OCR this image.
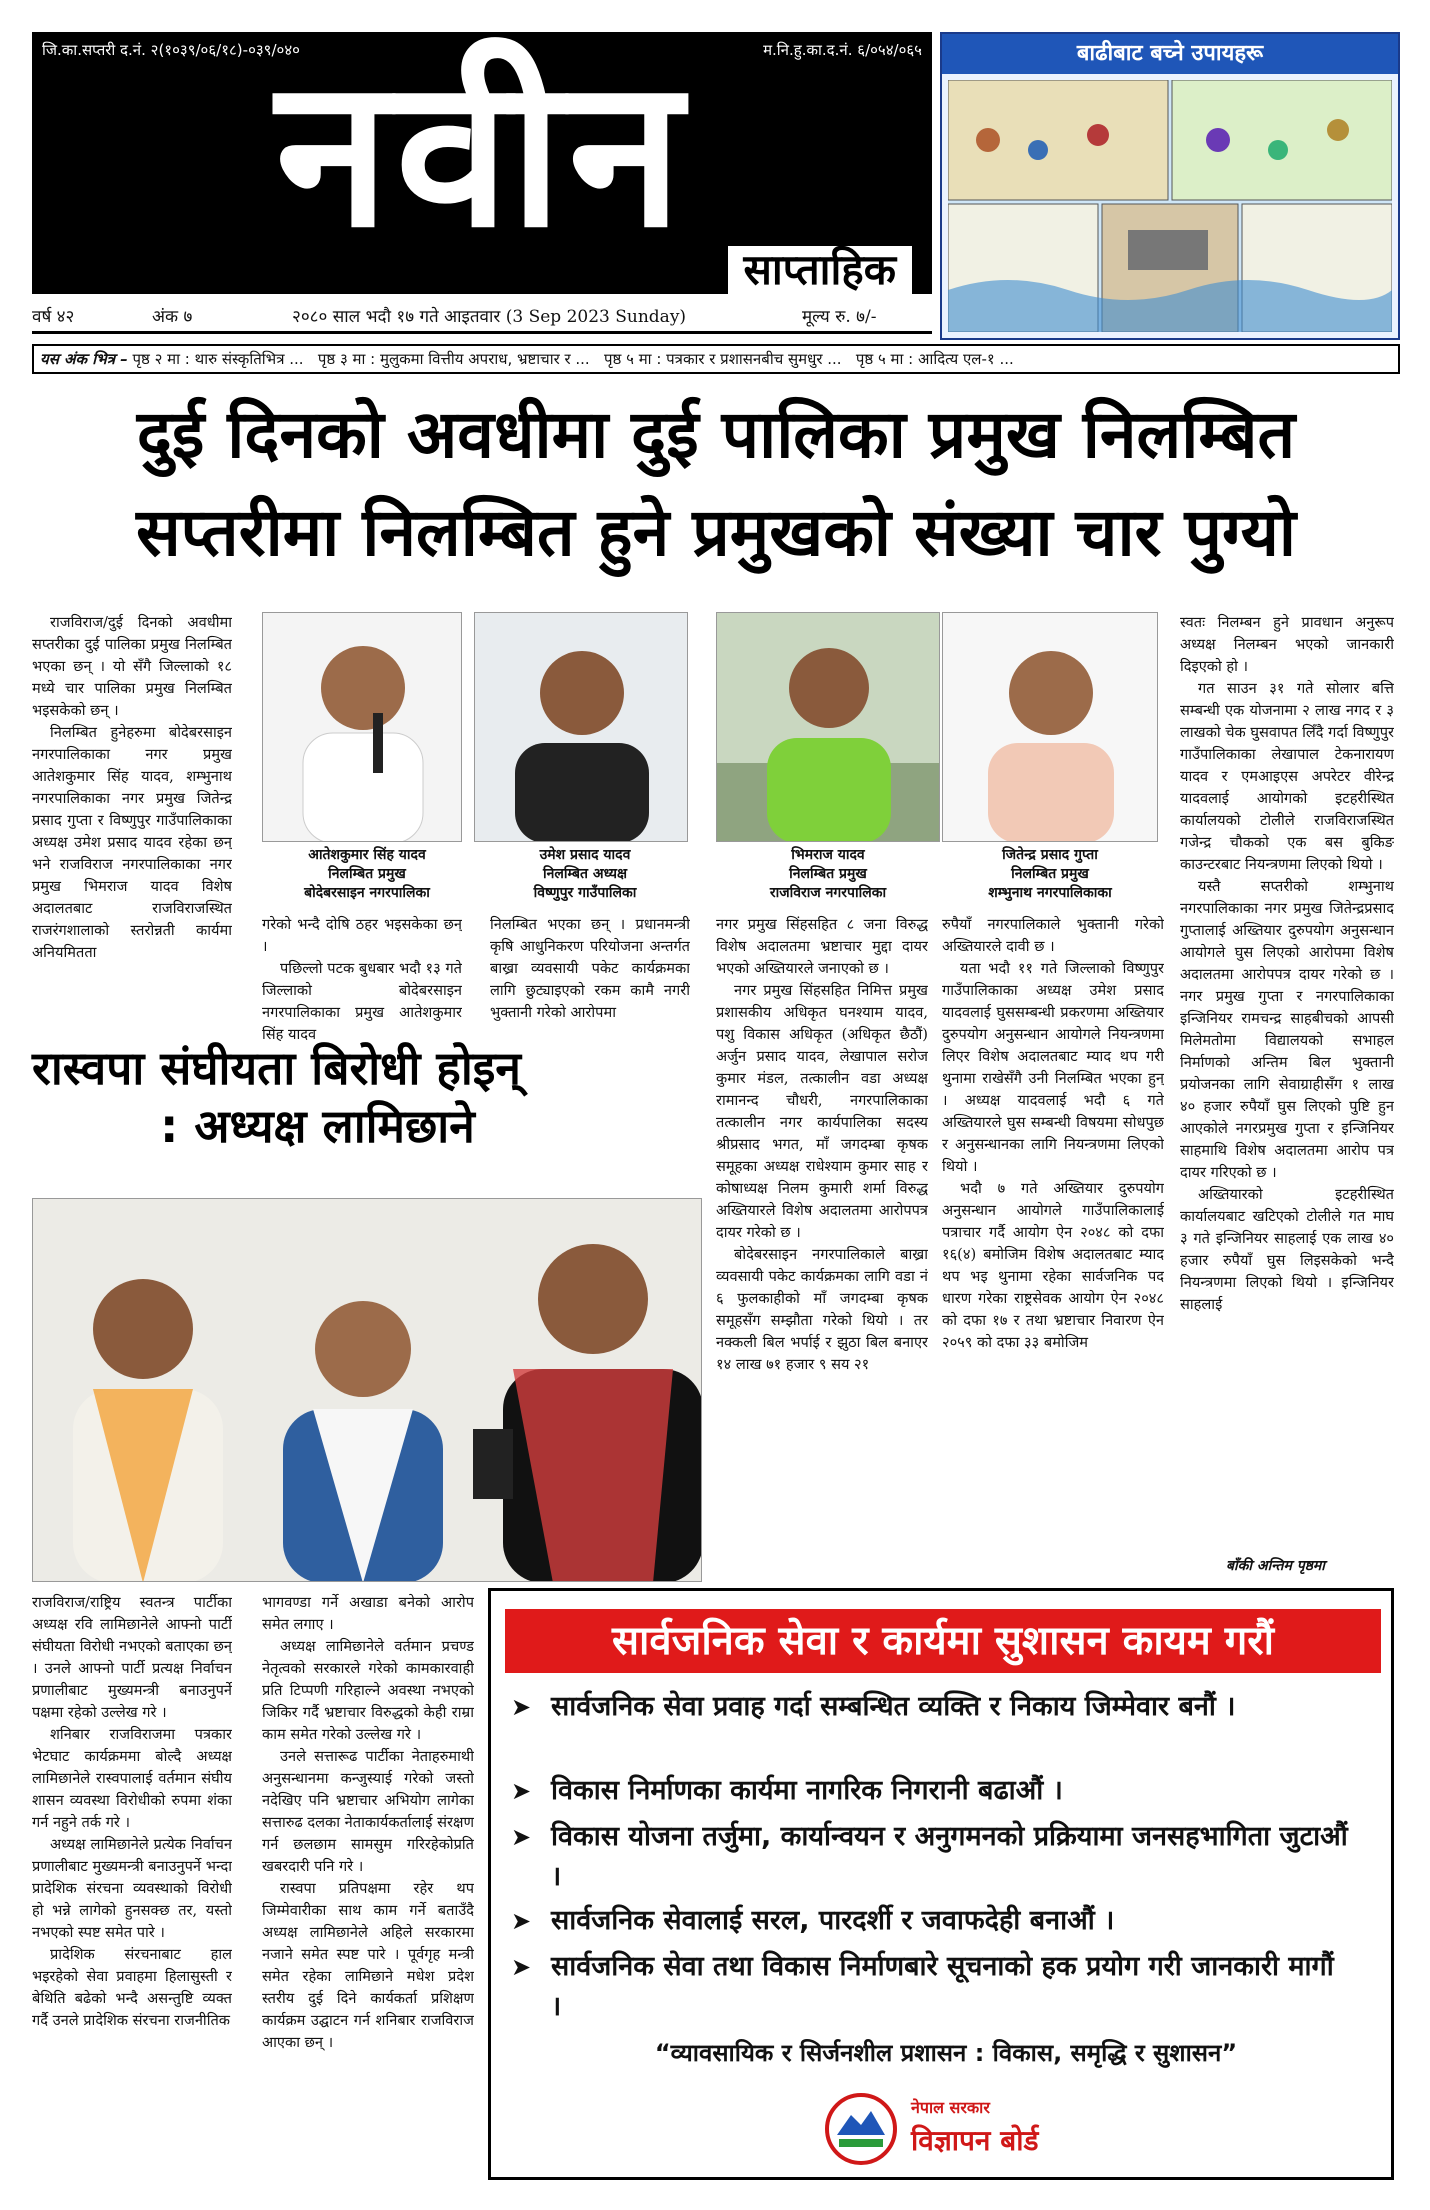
जि.का.सप्तरी द.नं. २(१०३९/०६/१८)-०३९/०४०	म.नि.हु.का.द.नं. ६/०५४/०६५
नवीन	साप्ताहिक
बाढीबाट बच्ने उपायहरू
वर्ष ४२	अंक ७	२०८० साल भदौ १७ गते आइतवार (3 Sep 2023 Sunday)	मूल्य रु. ७/-
यस अंक भित्र – पृष्ठ २ मा : थारु संस्कृतिभित्र ... पृष्ठ ३ मा : मुलुकमा वित्तीय अपराध, भ्रष्टाचार र ... पृष्ठ ५ मा : पत्रकार र प्रशासनबीच सुमधुर ... पृष्ठ ५ मा : आदित्य एल-१ ...
दुई दिनको अवधीमा दुई पालिका प्रमुख निलम्बित
सप्तरीमा निलम्बित हुने प्रमुखको संख्या चार पुग्यो

राजविराज/दुई दिनको अवधीमा सप्तरीका दुई पालिका प्रमुख निलम्बित भएका छन् । यो सँगै जिल्लाको १८ मध्ये चार पालिका प्रमुख निलम्बित भइसकेको छन् ।

निलम्बित हुनेहरुमा बोदेबरसाइन नगरपालिकाका नगर प्रमुख आतेशकुमार सिंह यादव, शम्भुनाथ नगरपालिकाका नगर प्रमुख जितेन्द्र प्रसाद गुप्ता र विष्णुपुर गाउँपालिकाका अध्यक्ष उमेश प्रसाद यादव रहेका छन् भने राजविराज नगरपालिकाका नगर प्रमुख भिमराज यादव विशेष अदालतबाट राजविराजस्थित राजरंगशालाको स्तरोन्नती कार्यमा अनियमितता

आतेशकुमार सिंह यादव
निलम्बित प्रमुख
बोदेबरसाइन नगरपालिका
उमेश प्रसाद यादव
निलम्बित अध्यक्ष
विष्णुपुर गाउँपालिका
भिमराज यादव
निलम्बित प्रमुख
राजविराज नगरपालिका
जितेन्द्र प्रसाद गुप्ता
निलम्बित प्रमुख
शम्भुनाथ नगरपालिकाका

गरेको भन्दै दोषि ठहर भइसकेका छन् ।

पछिल्लो पटक बुधबार भदौ १३ गते जिल्लाको बोदेबरसाइन नगरपालिकाका प्रमुख आतेशकुमार सिंह यादव

निलम्बित भएका छन् । प्रधानमन्त्री कृषि आधुनिकरण परियोजना अन्तर्गत बाख्रा व्यवसायी पकेट कार्यक्रमका लागि छुट्याइएको रकम कामै नगरी भुक्तानी गरेको आरोपमा

नगर प्रमुख सिंहसहित ८ जना विरुद्ध विशेष अदालतमा भ्रष्टाचार मुद्दा दायर भएको अख्तियारले जनाएको छ ।

नगर प्रमुख सिंहसहित निमित्त प्रमुख प्रशासकीय अधिकृत घनश्याम यादव, पशु विकास अधिकृत (अधिकृत छैठौं) अर्जुन प्रसाद यादव, लेखापाल सरोज कुमार मंडल, तत्कालीन वडा अध्यक्ष रामानन्द चौधरी, नगरपालिकाका तत्कालीन नगर कार्यपालिका सदस्य श्रीप्रसाद भगत, माँ जगदम्बा कृषक समूहका अध्यक्ष राधेश्याम कुमार साह र कोषाध्यक्ष निलम कुमारी शर्मा विरुद्ध अख्तियारले विशेष अदालतमा आरोपपत्र दायर गरेको छ ।

बोदेबरसाइन नगरपालिकाले बाख्रा व्यवसायी पकेट कार्यक्रमका लागि वडा नं ६ फुलकाहीको माँ जगदम्बा कृषक समूहसँग सम्झौता गरेको थियो । तर नक्कली बिल भर्पाई र झुठा बिल बनाएर १४ लाख ७१ हजार ९ सय २१

रुपैयाँ नगरपालिकाले भुक्तानी गरेको अख्तियारले दावी छ ।

यता भदौ ११ गते जिल्लाको विष्णुपुर गाउँपालिकाका अध्यक्ष उमेश प्रसाद यादवलाई घुससम्बन्धी प्रकरणमा अख्तियार दुरुपयोग अनुसन्धान आयोगले नियन्त्रणमा लिएर विशेष अदालतबाट म्याद थप गरी थुनामा राखेसँगै उनी निलम्बित भएका हुन् । अध्यक्ष यादवलाई भदौ ६ गते अख्तियारले घुस सम्बन्धी विषयमा सोधपुछ र अनुसन्धानका लागि नियन्त्रणमा लिएको थियो ।

भदौ ७ गते अख्तियार दुरुपयोग अनुसन्धान आयोगले गाउँपालिकालाई पत्राचार गर्दै आयोग ऐन २०४८ को दफा १६(४) बमोजिम विशेष अदालतबाट म्याद थप भइ थुनामा रहेका सार्वजनिक पद धारण गरेका राष्ट्रसेवक आयोग ऐन २०४८ को दफा १७ र तथा भ्रष्टाचार निवारण ऐन २०५९ को दफा ३३ बमोजिम

स्वतः निलम्बन हुने प्रावधान अनुरूप अध्यक्ष निलम्बन भएको जानकारी दिइएको हो ।

गत साउन ३१ गते सोलार बत्ति सम्बन्धी एक योजनामा २ लाख नगद र ३ लाखको चेक घुसवापत लिँदै गर्दा विष्णुपुर गाउँपालिकाका लेखापाल टेकनारायण यादव र एमआइएस अपरेटर वीरेन्द्र यादवलाई आयोगको इटहरीस्थित कार्यालयको टोलीले राजविराजस्थित गजेन्द्र चौकको एक बस बुकिङ काउन्टरबाट नियन्त्रणमा लिएको थियो ।

यस्तै सप्तरीको शम्भुनाथ नगरपालिकाका नगर प्रमुख जितेन्द्रप्रसाद गुप्तालाई अख्तियार दुरुपयोग अनुसन्धान आयोगले घुस लिएको आरोपमा विशेष अदालतमा आरोपपत्र दायर गरेको छ । नगर प्रमुख गुप्ता र नगरपालिकाका इन्जिनियर रामचन्द्र साहबीचको आपसी मिलेमतोमा विद्यालयको सभाहल निर्माणको अन्तिम बिल भुक्तानी प्रयोजनका लागि सेवाग्राहीसँग १ लाख ४० हजार रुपैयाँ घुस लिएको पुष्टि हुन आएकोले नगरप्रमुख गुप्ता र इन्जिनियर साहमाथि विशेष अदालतमा आरोप पत्र दायर गरिएको छ ।

अख्तियारको इटहरीस्थित कार्यालयबाट खटिएको टोलीले गत माघ ३ गते इन्जिनियर साहलाई एक लाख ४० हजार रुपैयाँ घुस लिइसकेको भन्दै नियन्त्रणमा लिएको थियो । इन्जिनियर साहलाई

बाँकी अन्तिम पृष्ठमा
रास्वपा संघीयता बिरोधी होइन्
: अध्यक्ष लामिछाने

राजविराज/राष्ट्रिय स्वतन्त्र पार्टीका अध्यक्ष रवि लामिछानेले आफ्नो पार्टी संघीयता विरोधी नभएको बताएका छन् । उनले आफ्नो पार्टी प्रत्यक्ष निर्वाचन प्रणालीबाट मुख्यमन्त्री बनाउनुपर्ने पक्षमा रहेको उल्लेख गरे ।

शनिबार राजविराजमा पत्रकार भेटघाट कार्यक्रममा बोल्दै अध्यक्ष लामिछानेले रास्वपालाई वर्तमान संघीय शासन व्यवस्था विरोधीको रुपमा शंका गर्न नहुने तर्क गरे ।

अध्यक्ष लामिछानेले प्रत्येक निर्वाचन प्रणालीबाट मुख्यमन्त्री बनाउनुपर्ने भन्दा प्रादेशिक संरचना व्यवस्थाको विरोधी हो भन्ने लागेको हुनसक्छ तर, यस्तो नभएको स्पष्ट समेत पारे ।

प्रादेशिक संरचनाबाट हाल भइरहेको सेवा प्रवाहमा हिलासुस्ती र बेथिति बढेको भन्दै असन्तुष्टि व्यक्त गर्दै उनले प्रादेशिक संरचना राजनीतिक

भागवण्डा गर्ने अखाडा बनेको आरोप समेत लगाए ।

अध्यक्ष लामिछानेले वर्तमान प्रचण्ड नेतृत्वको सरकारले गरेको कामकारवाही प्रति टिप्पणी गरिहाल्ने अवस्था नभएको जिकिर गर्दै भ्रष्टाचार विरुद्धको केही राम्रा काम समेत गरेको उल्लेख गरे ।

उनले सत्तारूढ पार्टीका नेताहरुमाथी अनुसन्धानमा कन्जुस्याई गरेको जस्तो नदेखिए पनि भ्रष्टाचार अभियोग लागेका सत्तारुढ दलका नेताकार्यकर्तालाई संरक्षण गर्न छलछाम सामसुम गरिरहेकोप्रति खबरदारी पनि गरे ।

रास्वपा प्रतिपक्षमा रहेर थप जिम्मेवारीका साथ काम गर्ने बताउँदै अध्यक्ष लामिछानेले अहिले सरकारमा नजाने समेत स्पष्ट पारे । पूर्वगृह मन्त्री समेत रहेका लामिछाने मधेश प्रदेश स्तरीय दुई दिने कार्यकर्ता प्रशिक्षण कार्यक्रम उद्घाटन गर्न शनिबार राजविराज आएका छन् ।

सार्वजनिक सेवा र कार्यमा सुशासन कायम गरौं
➤ सार्वजनिक सेवा प्रवाह गर्दा सम्बन्धित व्यक्ति र निकाय जिम्मेवार बनौं ।
➤ विकास निर्माणका कार्यमा नागरिक निगरानी बढाऔं ।
➤ विकास योजना तर्जुमा, कार्यान्वयन र अनुगमनको प्रक्रियामा जनसहभागिता जुटाऔं ।
➤ सार्वजनिक सेवालाई सरल, पारदर्शी र जवाफदेही बनाऔं ।
➤ सार्वजनिक सेवा तथा विकास निर्माणबारे सूचनाको हक प्रयोग गरी जानकारी मागौं ।
“व्यावसायिक र सिर्जनशील प्रशासन : विकास, समृद्धि र सुशासन”
नेपाल सरकार
विज्ञापन बोर्ड
